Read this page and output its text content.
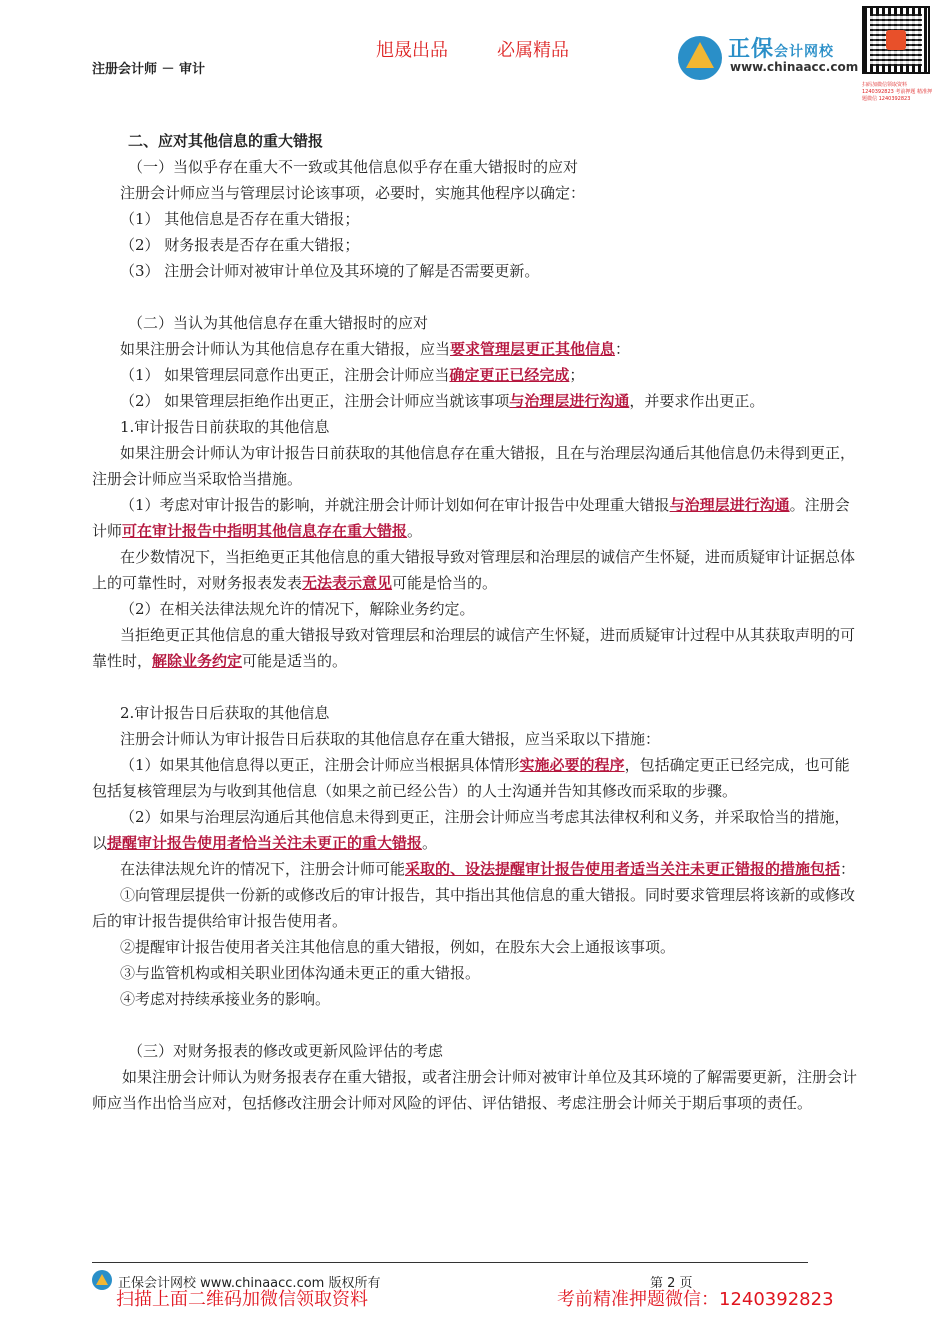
注册会计师 － 审计
旭晟出品	必属精品	正保会计网校
www.chinaacc.com
扫码加微信领取资料 1240392823 考前押题 精准押题微信 1240392823

二、应对其他信息的重大错报

（一）当似乎存在重大不一致或其他信息似乎存在重大错报时的应对

注册会计师应当与管理层讨论该事项，必要时，实施其他程序以确定：

（1） 其他信息是否存在重大错报；

（2） 财务报表是否存在重大错报；

（3） 注册会计师对被审计单位及其环境的了解是否需要更新。

（二）当认为其他信息存在重大错报时的应对

如果注册会计师认为其他信息存在重大错报，应当要求管理层更正其他信息：

（1） 如果管理层同意作出更正，注册会计师应当确定更正已经完成；

（2） 如果管理层拒绝作出更正，注册会计师应当就该事项与治理层进行沟通，并要求作出更正。

1.审计报告日前获取的其他信息

如果注册会计师认为审计报告日前获取的其他信息存在重大错报，且在与治理层沟通后其他信息仍未得到更正，注册会计师应当采取恰当措施。

（1）考虑对审计报告的影响，并就注册会计师计划如何在审计报告中处理重大错报与治理层进行沟通。注册会计师可在审计报告中指明其他信息存在重大错报。

在少数情况下，当拒绝更正其他信息的重大错报导致对管理层和治理层的诚信产生怀疑，进而质疑审计证据总体上的可靠性时，对财务报表发表无法表示意见可能是恰当的。

（2）在相关法律法规允许的情况下，解除业务约定。

当拒绝更正其他信息的重大错报导致对管理层和治理层的诚信产生怀疑，进而质疑审计过程中从其获取声明的可靠性时，解除业务约定可能是适当的。

2.审计报告日后获取的其他信息

注册会计师认为审计报告日后获取的其他信息存在重大错报，应当采取以下措施：

（1）如果其他信息得以更正，注册会计师应当根据具体情形实施必要的程序，包括确定更正已经完成，也可能包括复核管理层为与收到其他信息（如果之前已经公告）的人士沟通并告知其修改而采取的步骤。

（2）如果与治理层沟通后其他信息未得到更正，注册会计师应当考虑其法律权利和义务，并采取恰当的措施，以提醒审计报告使用者恰当关注未更正的重大错报。

在法律法规允许的情况下，注册会计师可能采取的、设法提醒审计报告使用者适当关注未更正错报的措施包括：

①向管理层提供一份新的或修改后的审计报告，其中指出其他信息的重大错报。同时要求管理层将该新的或修改后的审计报告提供给审计报告使用者。

②提醒审计报告使用者关注其他信息的重大错报，例如，在股东大会上通报该事项。

③与监管机构或相关职业团体沟通未更正的重大错报。

④考虑对持续承接业务的影响。

（三）对财务报表的修改或更新风险评估的考虑

如果注册会计师认为财务报表存在重大错报，或者注册会计师对被审计单位及其环境的了解需要更新，注册会计师应当作出恰当应对，包括修改注册会计师对风险的评估、评估错报、考虑注册会计师关于期后事项的责任。

正保会计网校 www.chinaacc.com 版权所有	第 2 页
扫描上面二维码加微信领取资料	考前精准押题微信：1240392823
